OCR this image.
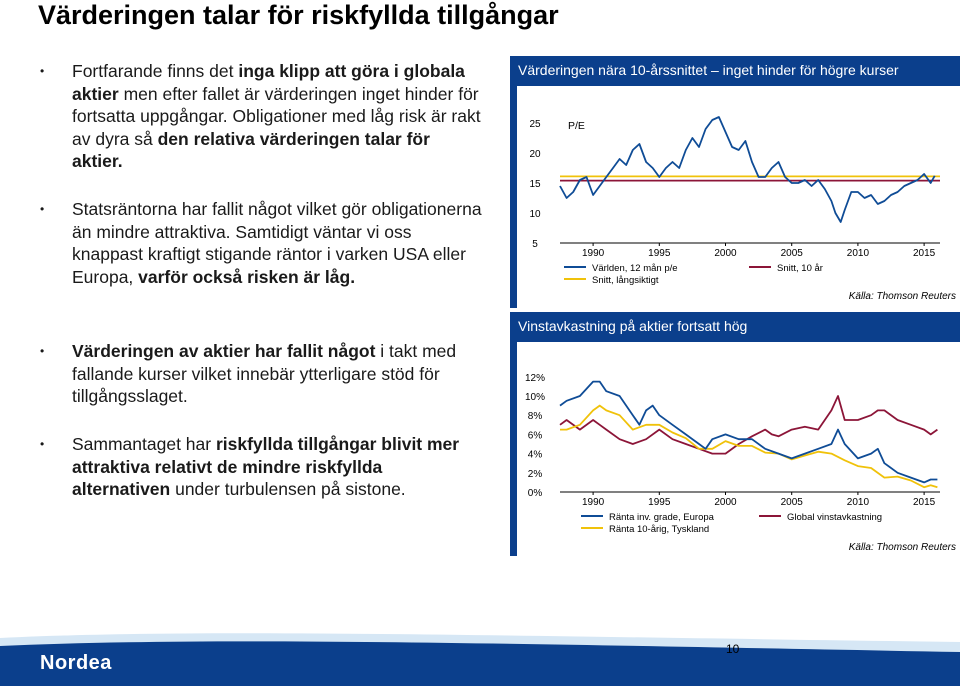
Värderingen talar för riskfyllda tillgångar
• Fortfarande finns det inga klipp att göra i globala aktier men efter fallet är värderingen inget hinder för fortsatta uppgångar. Obligationer med låg risk är rakt av dyra så den relativa värderingen talar för aktier.
• Statsräntorna har fallit något vilket gör obligationerna än mindre attraktiva. Samtidigt väntar vi oss knappast kraftigt stigande räntor i varken USA eller Europa, varför också risken är låg.
• Värderingen av aktier har fallit något i takt med fallande kurser vilket innebär ytterligare stöd för tillgångsslaget.
• Sammantaget har riskfyllda tillgångar blivit mer attraktiva relativt de mindre riskfyllda alternativen under turbulensen på sistone.
Värderingen nära 10-årssnittet – inget hinder för högre kurser
25
20
15
10
5
P/E
1990	1995	2000	2005	2010	2015
Världen, 12 mån p/e
Snitt, långsiktigt
Snitt, 10 år
Källa: Thomson Reuters
Vinstavkastning på aktier fortsatt hög
12%
10%
8%
6%
4%
2%
0%
1990	1995	2000	2005	2010	2015
Ränta inv. grade, Europa
Ränta 10-årig, Tyskland
Global vinstavkastning
Källa: Thomson Reuters
Nordea
10
